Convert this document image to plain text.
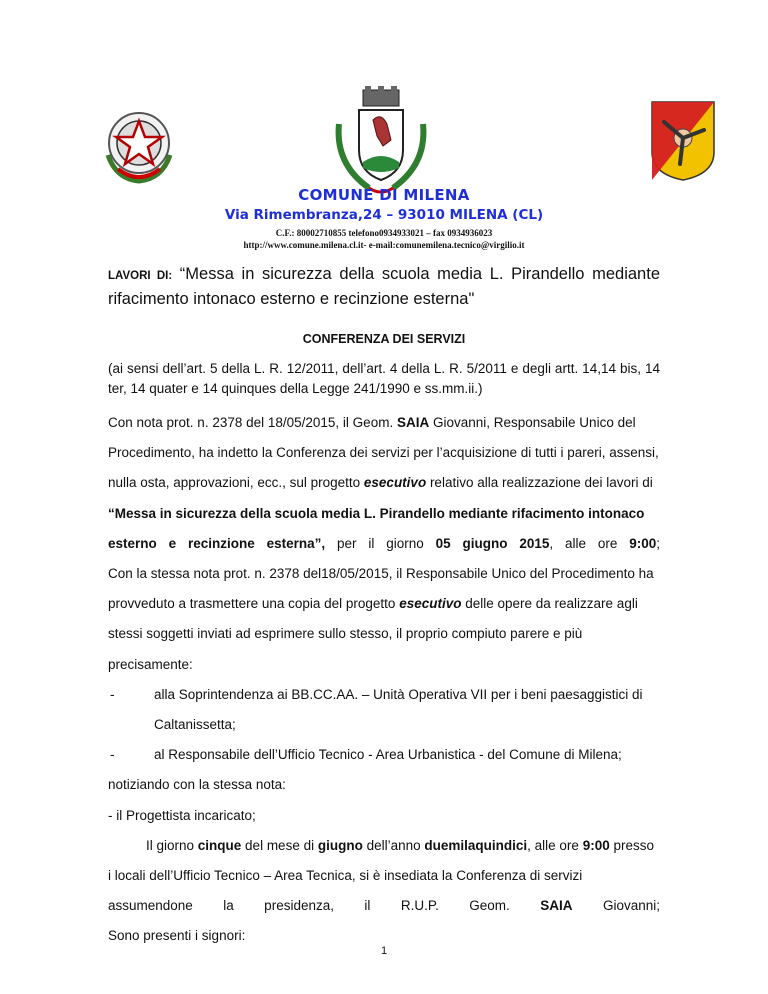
COMUNE DI MILENA
Via Rimembranza,24 – 93010 MILENA (CL)
C.F.: 80002710855 telefono0934933021 – fax 0934936023
http://www.comune.milena.cl.it- e-mail:comunemilena.tecnico@virgilio.it
LAVORI DI: “Messa in sicurezza della scuola media L. Pirandello mediante rifacimento intonaco esterno e recinzione esterna"
CONFERENZA DEI SERVIZI
(ai sensi dell’art. 5 della L. R. 12/2011, dell’art. 4 della L. R. 5/2011 e degli artt. 14,14 bis, 14 ter, 14 quater e 14 quinques della Legge 241/1990 e ss.mm.ii.)

Con nota prot. n. 2378 del 18/05/2015, il Geom. SAIA Giovanni, Responsabile Unico del Procedimento, ha indetto la Conferenza dei servizi per l’acquisizione di tutti i pareri, assensi, nulla osta, approvazioni, ecc., sul progetto esecutivo relativo alla realizzazione dei lavori di “Messa in sicurezza della scuola media L. Pirandello mediante rifacimento intonaco esterno e recinzione esterna”, per il giorno 05 giugno 2015, alle ore 9:00;

Con la stessa nota prot. n. 2378 del18/05/2015, il Responsabile Unico del Procedimento ha provveduto a trasmettere una copia del progetto esecutivo delle opere da realizzare agli stessi soggetti inviati ad esprimere sullo stesso, il proprio compiuto parere e più precisamente:

-	alla Soprintendenza ai BB.CC.AA. – Unità Operativa VII per i beni paesaggistici di Caltanissetta;

-	al Responsabile dell’Ufficio Tecnico - Area Urbanistica - del Comune di Milena;

notiziando con la stessa nota:

- il Progettista incaricato;

Il giorno cinque del mese di giugno dell’anno duemilaquindici, alle ore 9:00 presso i locali dell’Ufficio Tecnico – Area Tecnica, si è insediata la Conferenza di servizi assumendone la presidenza, il R.U.P. Geom. SAIA Giovanni;

Sono presenti i signori:

1
